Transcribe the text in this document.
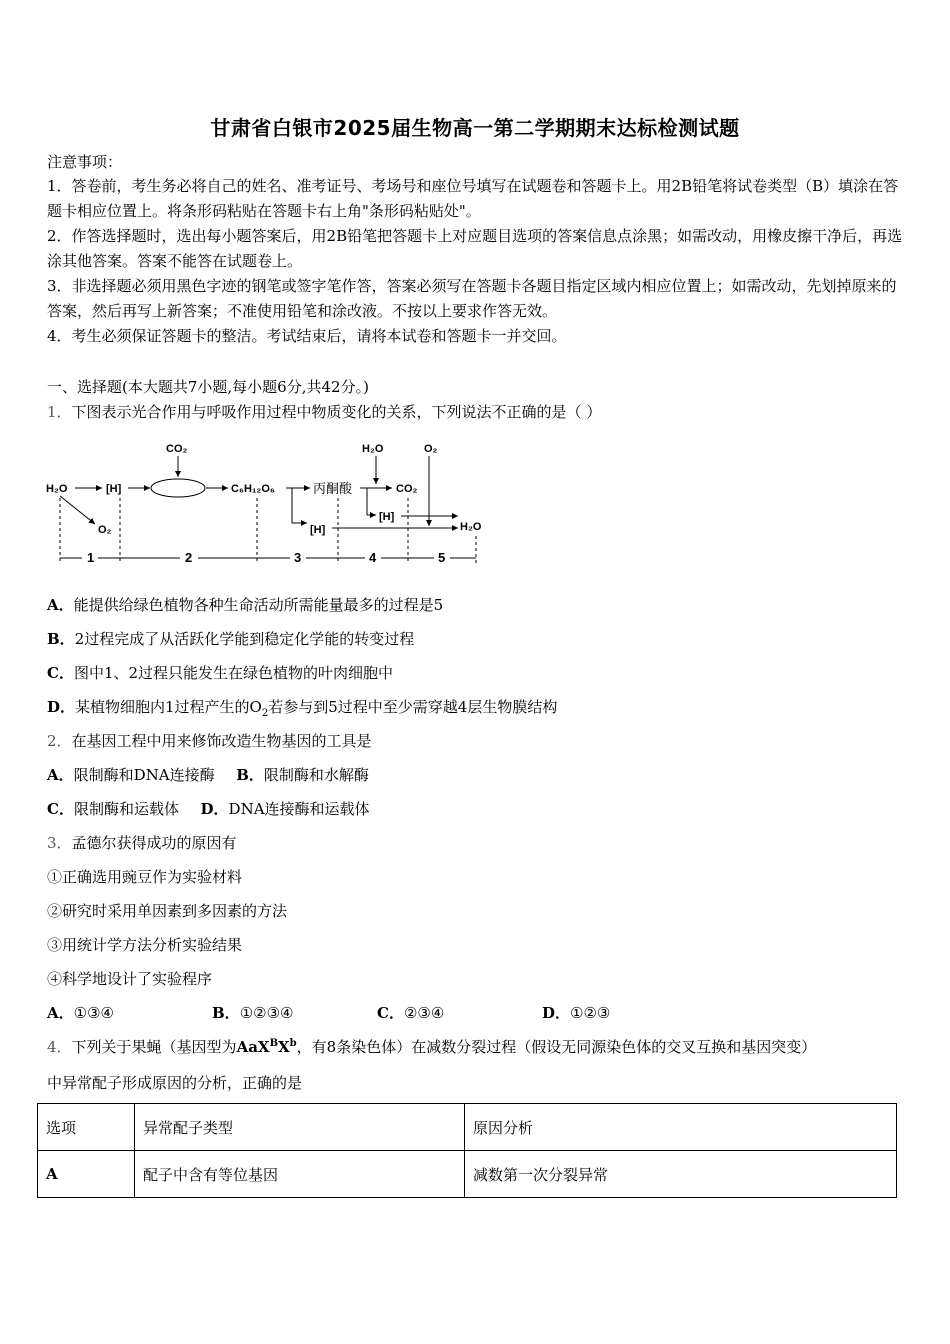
甘肃省白银市2025届生物高一第二学期期末达标检测试题
注意事项：
1．答卷前，考生务必将自己的姓名、准考证号、考场号和座位号填写在试题卷和答题卡上。用2B铅笔将试卷类型（B）填涂在答题卡相应位置上。将条形码粘贴在答题卡右上角"条形码粘贴处"。
2．作答选择题时，选出每小题答案后，用2B铅笔把答题卡上对应题目选项的答案信息点涂黑；如需改动，用橡皮擦干净后，再选涂其他答案。答案不能答在试题卷上。
3．非选择题必须用黑色字迹的钢笔或签字笔作答，答案必须写在答题卡各题目指定区域内相应位置上；如需改动，先划掉原来的答案，然后再写上新答案；不准使用铅笔和涂改液。不按以上要求作答无效。
4．考生必须保证答题卡的整洁。考试结束后，请将本试卷和答题卡一并交回。
一、选择题(本大题共7小题,每小题6分,共42分。)
1．下图表示光合作用与呼吸作用过程中物质变化的关系，下列说法不正确的是（ ）
H₂O	[H]
CO₂
C₆H₁₂O₆	丙酮酸	CO₂
H₂O	O₂
O₂	[H]
[H]
H₂O
1	2	3	4	5
A．能提供给绿色植物各种生命活动所需能量最多的过程是5
B．2过程完成了从活跃化学能到稳定化学能的转变过程
C．图中1、2过程只能发生在绿色植物的叶肉细胞中
D．某植物细胞内1过程产生的$O_2$若参与到5过程中至少需穿越4层生物膜结构
2．在基因工程中用来修饰改造生物基因的工具是
A．限制酶和DNA连接酶 B．限制酶和水解酶
C．限制酶和运载体 D．DNA连接酶和运载体
3．孟德尔获得成功的原因有
①正确选用豌豆作为实验材料
②研究时采用单因素到多因素的方法
③用统计学方法分析实验结果
④科学地设计了实验程序
A．①③④	B．①②③④	C．②③④	D．①②③
4．下列关于果蝇（基因型为$AaX^BX^b$，有8条染色体）在减数分裂过程（假设无同源染色体的交叉互换和基因突变）
中异常配子形成原因的分析，正确的是
选项	异常配子类型	原因分析
A	配子中含有等位基因	减数第一次分裂异常
